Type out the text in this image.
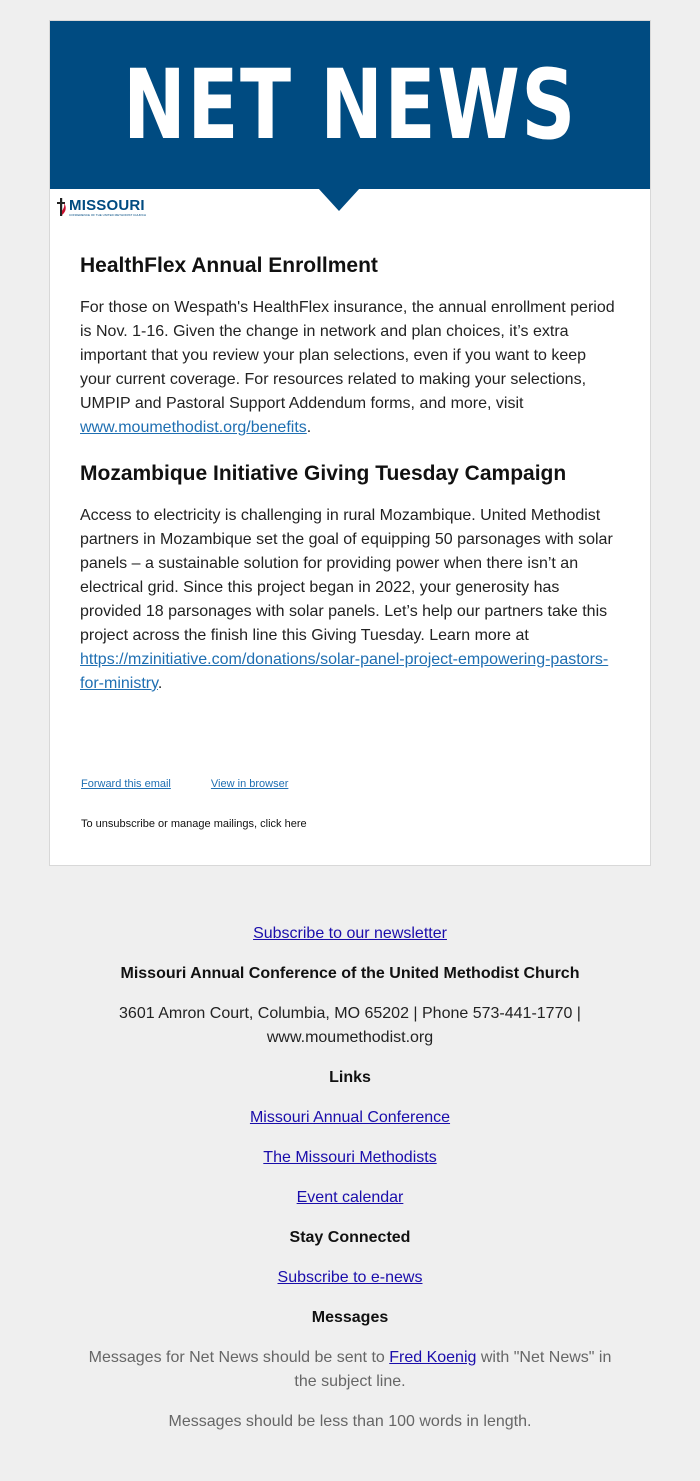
NET NEWS
MISSOURI
CONFERENCE OF THE UNITED METHODIST CHURCH
HealthFlex Annual Enrollment

For those on Wespath's HealthFlex insurance, the annual enrollment period is Nov. 1-16. Given the change in network and plan choices, it’s extra important that you review your plan selections, even if you want to keep your current coverage. For resources related to making your selections, UMPIP and Pastoral Support Addendum forms, and more, visit www.moumethodist.org/benefits.

Mozambique Initiative Giving Tuesday Campaign

Access to electricity is challenging in rural Mozambique. United Methodist partners in Mozambique set the goal of equipping 50 parsonages with solar panels – a sustainable solution for providing power when there isn’t an electrical grid. Since this project began in 2022, your generosity has provided 18 parsonages with solar panels. Let’s help our partners take this project across the finish line this Giving Tuesday. Learn more at https://mzinitiative.com/donations/solar-panel-project-empowering-pastors-for-ministry.

Forward this email	View in browser
To unsubscribe or manage mailings, click here

Subscribe to our newsletter

Missouri Annual Conference of the United Methodist Church

3601 Amron Court, Columbia, MO 65202 | Phone 573-441-1770 |

www.moumethodist.org

Links

Missouri Annual Conference

The Missouri Methodists

Event calendar

Stay Connected

Subscribe to e-news

Messages

Messages for Net News should be sent to Fred Koenig with "Net News" in

the subject line.

Messages should be less than 100 words in length.
